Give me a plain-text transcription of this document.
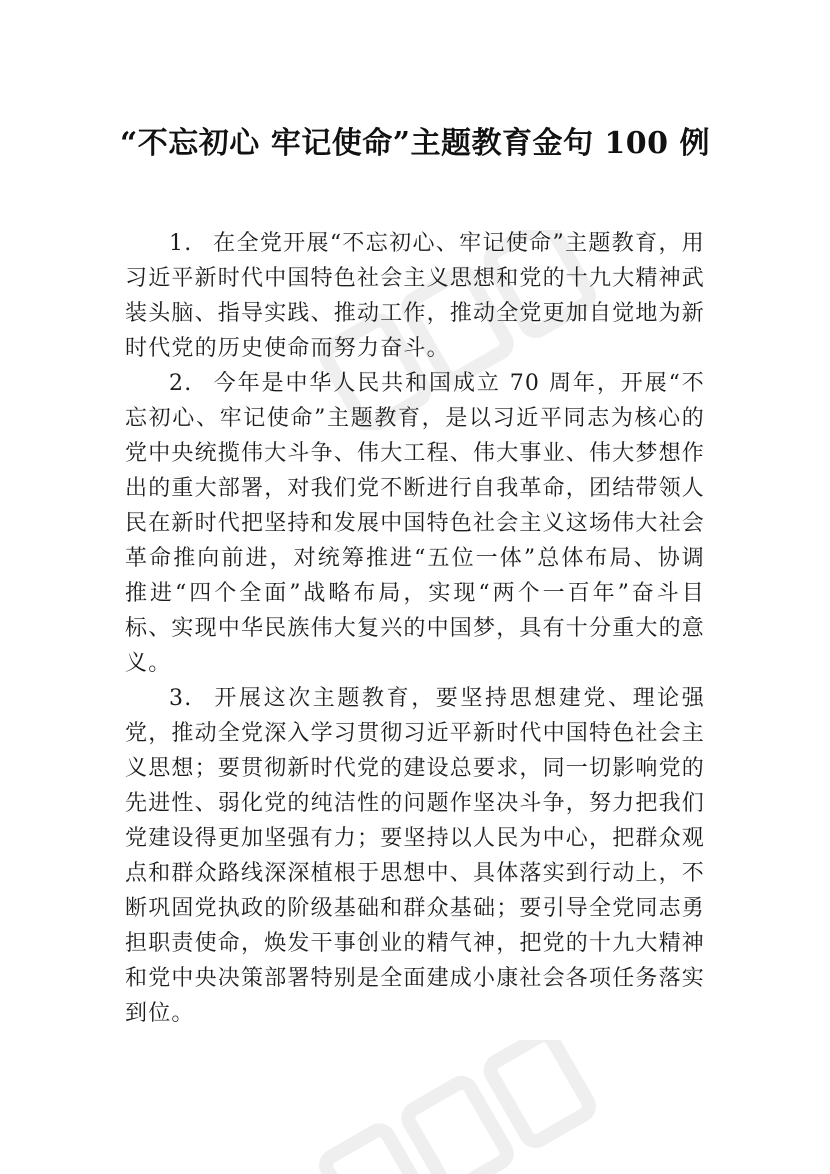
“不忘初心 牢记使命”主题教育金句 100 例

1. 在全党开展“不忘初心、牢记使命”主题教育，用习近平新时代中国特色社会主义思想和党的十九大精神武装头脑、指导实践、推动工作，推动全党更加自觉地为新时代党的历史使命而努力奋斗。

2. 今年是中华人民共和国成立 70 周年，开展“不忘初心、牢记使命”主题教育，是以习近平同志为核心的党中央统揽伟大斗争、伟大工程、伟大事业、伟大梦想作出的重大部署，对我们党不断进行自我革命，团结带领人民在新时代把坚持和发展中国特色社会主义这场伟大社会革命推向前进，对统筹推进“五位一体”总体布局、协调推进“四个全面”战略布局，实现“两个一百年”奋斗目标、实现中华民族伟大复兴的中国梦，具有十分重大的意义。

3. 开展这次主题教育，要坚持思想建党、理论强党，推动全党深入学习贯彻习近平新时代中国特色社会主义思想；要贯彻新时代党的建设总要求，同一切影响党的先进性、弱化党的纯洁性的问题作坚决斗争，努力把我们党建设得更加坚强有力；要坚持以人民为中心，把群众观点和群众路线深深植根于思想中、具体落实到行动上，不断巩固党执政的阶级基础和群众基础；要引导全党同志勇担职责使命，焕发干事创业的精气神，把党的十九大精神和党中央决策部署特别是全面建成小康社会各项任务落实到位。
